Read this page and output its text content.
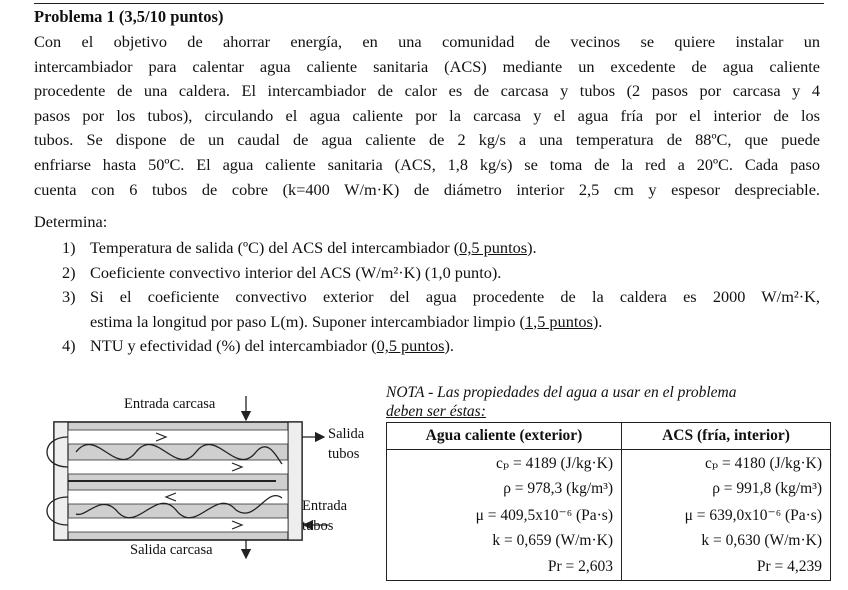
Problema 1 (3,5/10 puntos)
Con el objetivo de ahorrar energía, en una comunidad de vecinos se quiere instalar un
intercambiador para calentar agua caliente sanitaria (ACS) mediante un excedente de agua caliente
procedente de una caldera. El intercambiador de calor es de carcasa y tubos (2 pasos por carcasa y 4
pasos por los tubos), circulando el agua caliente por la carcasa y el agua fría por el interior de los
tubos. Se dispone de un caudal de agua caliente de 2 kg/s a una temperatura de 88ºC, que puede
enfriarse hasta 50ºC. El agua caliente sanitaria (ACS, 1,8 kg/s) se toma de la red a 20ºC. Cada paso
cuenta con 6 tubos de cobre (k=400 W/m·K) de diámetro interior 2,5 cm y espesor despreciable.
Determina:
1) Temperatura de salida (ºC) del ACS del intercambiador (0,5 puntos).
2) Coeficiente convectivo interior del ACS (W/m²·K) (1,0 punto).
3) Si el coeficiente convectivo exterior del agua procedente de la caldera es 2000 W/m²·K,
estima la longitud por paso L(m). Suponer intercambiador limpio (1,5 puntos).
4) NTU y efectividad (%) del intercambiador (0,5 puntos).
Entrada carcasa
Salida
tubos
Entrada
tubos
Salida carcasa
NOTA - Las propiedades del agua a usar en el problema
deben ser éstas:
Agua caliente (exterior)	ACS (fría, interior)
cₚ = 4189 (J/kg·K)	cₚ = 4180 (J/kg·K)
ρ = 978,3 (kg/m³)	ρ = 991,8 (kg/m³)
μ = 409,5x10⁻⁶ (Pa·s)	μ = 639,0x10⁻⁶ (Pa·s)
k = 0,659 (W/m·K)	k = 0,630 (W/m·K)
Pr = 2,603	Pr = 4,239
